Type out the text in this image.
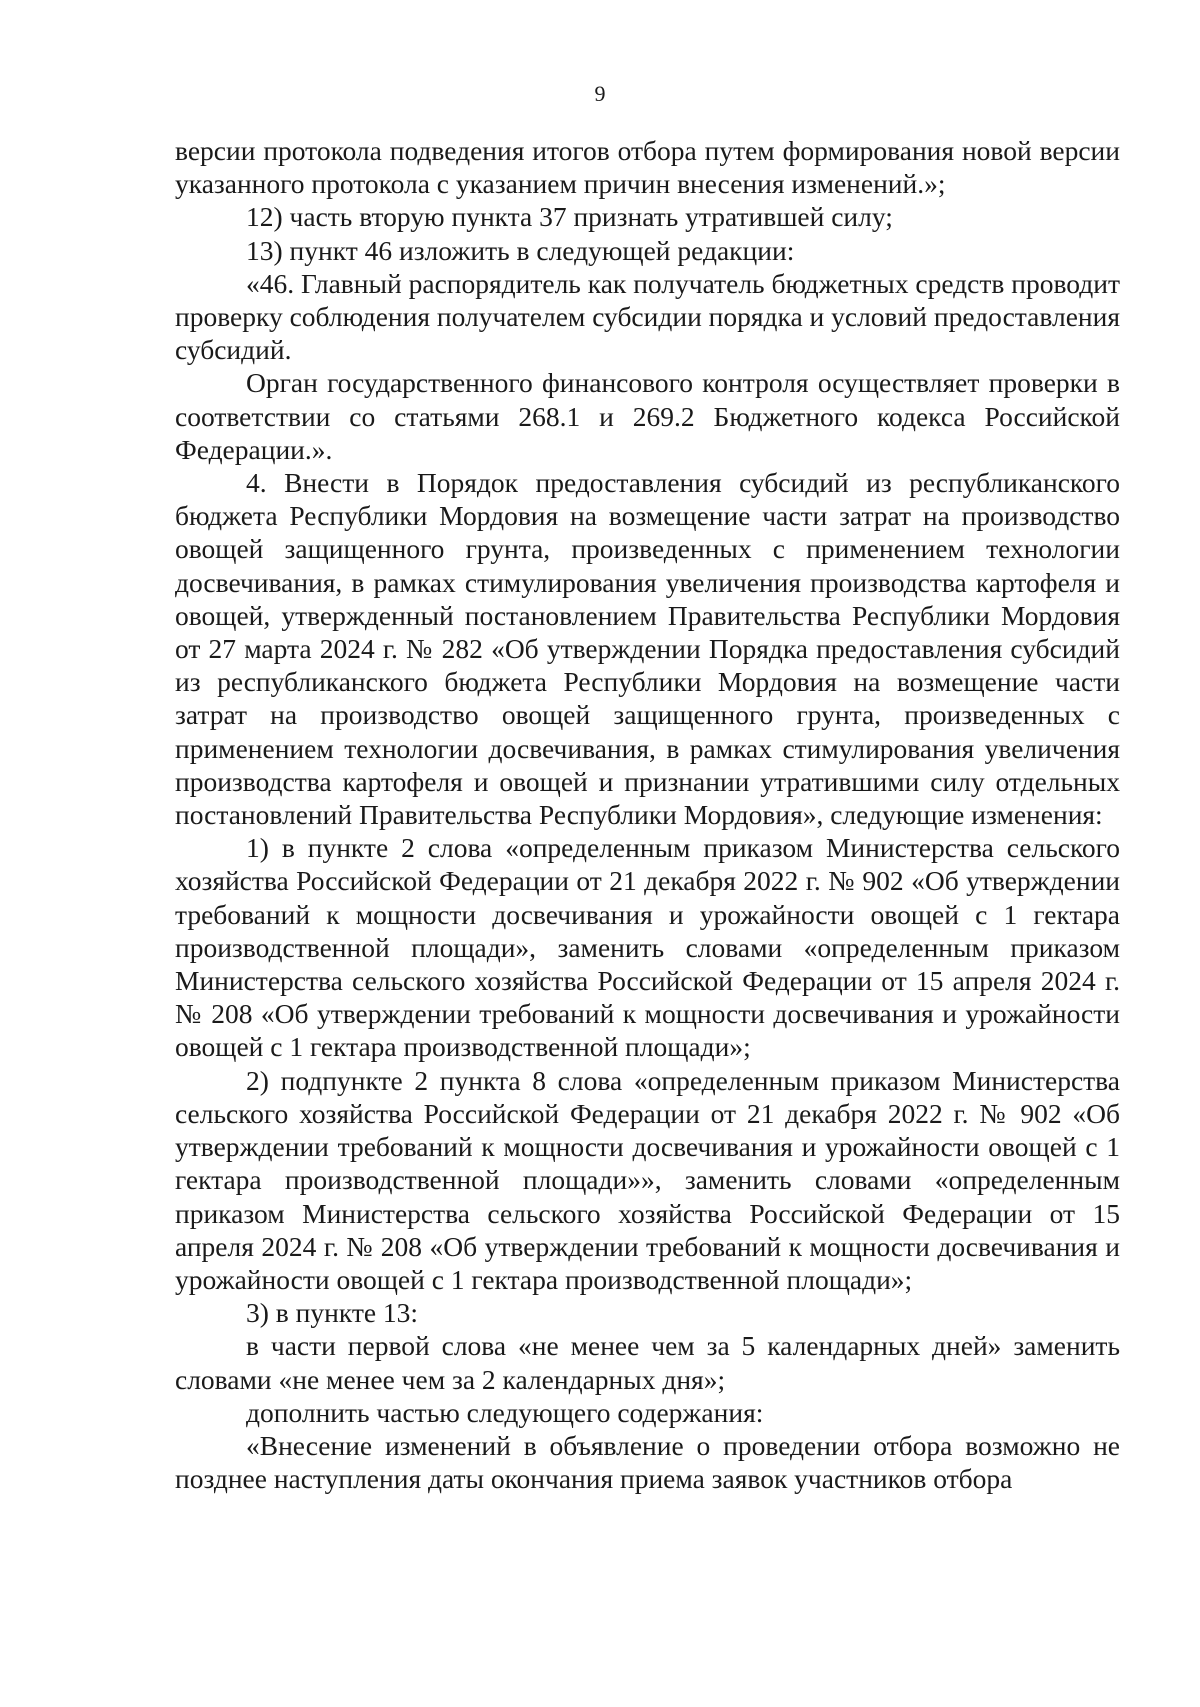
9

версии протокола подведения итогов отбора путем формирования новой версии указанного протокола с указанием причин внесения изменений.»;

12) часть вторую пункта 37 признать утратившей силу;

13) пункт 46 изложить в следующей редакции:

«46. Главный распорядитель как получатель бюджетных средств проводит проверку соблюдения получателем субсидии порядка и условий предоставления субсидий.

Орган государственного финансового контроля осуществляет проверки в соответствии со статьями 268.1 и 269.2 Бюджетного кодекса Российской Федерации.».

4. Внести в Порядок предоставления субсидий из республиканского бюджета Республики Мордовия на возмещение части затрат на производство овощей защищенного грунта, произведенных с применением технологии досвечивания, в рамках стимулирования увеличения производства картофеля и овощей, утвержденный постановлением Правительства Республики Мордовия от 27 марта 2024 г. № 282 «Об утверждении Порядка предоставления субсидий из республиканского бюджета Республики Мордовия на возмещение части затрат на производство овощей защищенного грунта, произведенных с применением технологии досвечивания, в рамках стимулирования увеличения производства картофеля и овощей и признании утратившими силу отдельных постановлений Правительства Республики Мордовия», следующие изменения:

1) в пункте 2 слова «определенным приказом Министерства сельского хозяйства Российской Федерации от 21 декабря 2022 г. № 902 «Об утверждении требований к мощности досвечивания и урожайности овощей с 1 гектара производственной площади», заменить словами «определенным приказом Министерства сельского хозяйства Российской Федерации от 15 апреля 2024 г. № 208 «Об утверждении требований к мощности досвечивания и урожайности овощей с 1 гектара производственной площади»;

2) подпункте 2 пункта 8 слова «определенным приказом Министерства сельского хозяйства Российской Федерации от 21 декабря 2022 г. № 902 «Об утверждении требований к мощности досвечивания и урожайности овощей с 1 гектара производственной площади»», заменить словами «определенным приказом Министерства сельского хозяйства Российской Федерации от 15 апреля 2024 г. № 208 «Об утверждении требований к мощности досвечивания и урожайности овощей с 1 гектара производственной площади»;

3) в пункте 13:

в части первой слова «не менее чем за 5 календарных дней» заменить словами «не менее чем за 2 календарных дня»;

дополнить частью следующего содержания:

«Внесение изменений в объявление о проведении отбора возможно не позднее наступления даты окончания приема заявок участников отбора
